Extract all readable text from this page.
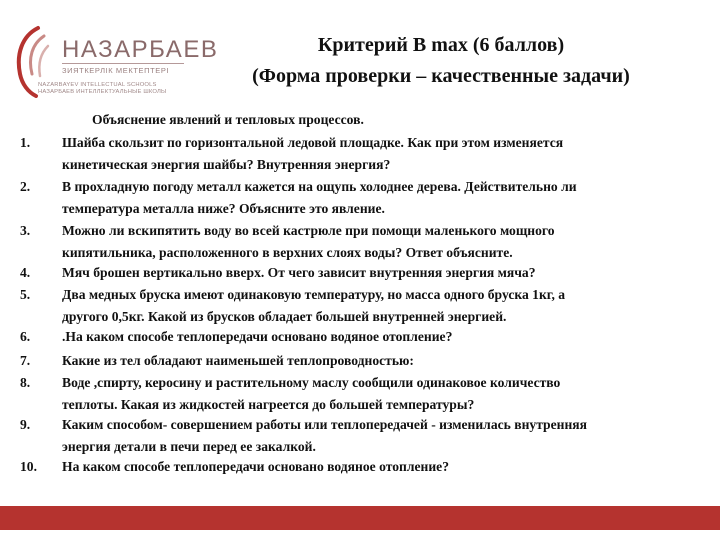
НАЗАРБАЕВ
ЗИЯТКЕРЛІК МЕКТЕПТЕРІ
NAZARBAYEV INTELLECTUAL SCHOOLS
НАЗАРБАЕВ ИНТЕЛЛЕКТУАЛЬНЫЕ ШКОЛЫ
Критерий В max (6 баллов)
(Форма проверки – качественные задачи)
Объяснение явлений и тепловых процессов.
1.	Шайба скользит по горизонтальной ледовой площадке. Как при этом изменяется
кинетическая энергия шайбы? Внутренняя энергия?
2.	В прохладную погоду металл кажется на ощупь холоднее дерева. Действительно ли
температура металла ниже? Объясните это явление.
3.	Можно ли вскипятить воду во всей кастрюле при помощи маленького мощного
кипятильника, расположенного в верхних слоях воды? Ответ объясните.
4.	Мяч брошен вертикально вверх. От чего зависит внутренняя энергия мяча?
5.	Два медных бруска имеют одинаковую температуру, но масса одного бруска 1кг, а
другого 0,5кг. Какой из брусков обладает большей внутренней энергией.
6.	.На каком способе теплопередачи основано водяное отопление?
7.	Какие из тел обладают наименьшей теплопроводностью:
8.	Воде ,спирту, керосину и растительному маслу сообщили одинаковое количество
теплоты. Какая из жидкостей нагреется до большей температуры?
9.	Каким способом- совершением работы или теплопередачей - изменилась внутренняя
энергия детали в печи перед ее закалкой.
10.	На каком способе теплопередачи основано водяное отопление?
